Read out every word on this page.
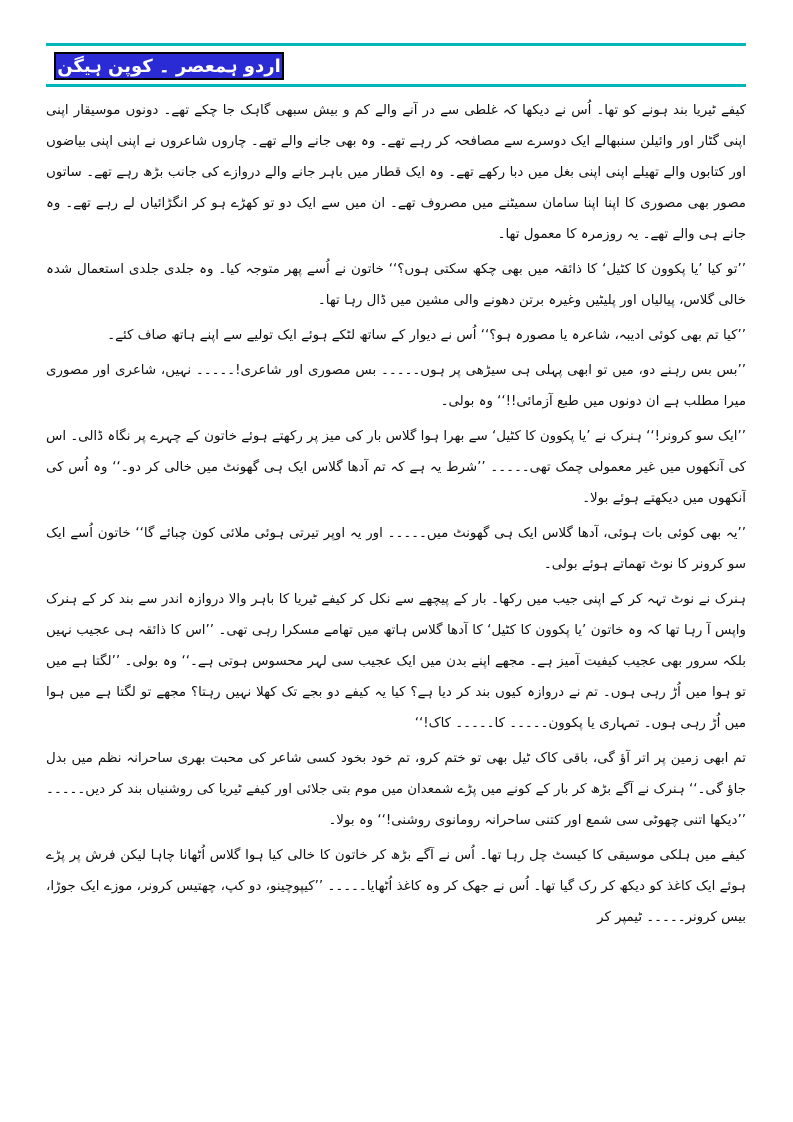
اردو ہمعصر ۔ کوپن ہیگن

کیفے ٹیریا بند ہونے کو تھا۔ اُس نے دیکھا کہ غلطی سے در آنے والے کم و بیش سبھی گاہک جا چکے تھے۔ دونوں موسیقار اپنی اپنی گٹار اور وائیلن سنبھالے ایک دوسرے سے مصافحہ کر رہے تھے۔ وہ بھی جانے والے تھے۔ چاروں شاعروں نے اپنی اپنی بیاضوں اور کتابوں والے تھیلے اپنی اپنی بغل میں دبا رکھے تھے۔ وہ ایک قطار میں باہر جانے والے دروازے کی جانب بڑھ رہے تھے۔ ساتوں مصور بھی مصوری کا اپنا اپنا سامان سمیٹنے میں مصروف تھے۔ ان میں سے ایک دو تو کھڑے ہو کر انگڑائیاں لے رہے تھے۔ وہ جانے ہی والے تھے۔ یہ روزمرہ کا معمول تھا۔

’’تو کیا ’یا پکوون کا کٹیل‘ کا ذائقہ میں بھی چکھ سکتی ہوں؟‘‘ خاتون نے اُسے پھر متوجہ کیا۔ وہ جلدی جلدی استعمال شدہ خالی گلاس، پیالیاں اور پلیٹیں وغیرہ برتن دھونے والی مشین میں ڈال رہا تھا۔

’’کیا تم بھی کوئی ادیبہ، شاعرہ یا مصورہ ہو؟‘‘ اُس نے دیوار کے ساتھ لٹکے ہوئے ایک تولیے سے اپنے ہاتھ صاف کئے۔

’’بس بس رہنے دو، میں تو ابھی پہلی ہی سیڑھی پر ہوں۔۔۔۔۔ بس مصوری اور شاعری!۔۔۔۔۔ نہیں، شاعری اور مصوری میرا مطلب ہے ان دونوں میں طبع آزمائی!!‘‘ وہ بولی۔

’’ایک سو کرونر!‘‘ ہنرک نے ’یا پکوون کا کٹیل‘ سے بھرا ہوا گلاس بار کی میز پر رکھتے ہوئے خاتون کے چہرے پر نگاہ ڈالی۔ اس کی آنکھوں میں غیر معمولی چمک تھی۔۔۔۔۔ ’’شرط یہ ہے کہ تم آدھا گلاس ایک ہی گھونٹ میں خالی کر دو۔‘‘ وہ اُس کی آنکھوں میں دیکھتے ہوئے بولا۔

’’یہ بھی کوئی بات ہوئی، آدھا گلاس ایک ہی گھونٹ میں۔۔۔۔۔ اور یہ اوپر تیرتی ہوئی ملائی کون چبائے گا‘‘ خاتون اُسے ایک سو کرونر کا نوٹ تھماتے ہوئے بولی۔

ہنرک نے نوٹ تہہ کر کے اپنی جیب میں رکھا۔ بار کے پیچھے سے نکل کر کیفے ٹیریا کا باہر والا دروازہ اندر سے بند کر کے ہنرک واپس آ رہا تھا کہ وہ خاتون ’یا پکوون کا کٹیل‘ کا آدھا گلاس ہاتھ میں تھامے مسکرا رہی تھی۔ ’’اس کا ذائقہ ہی عجیب نہیں بلکہ سرور بھی عجیب کیفیت آمیز ہے۔ مجھے اپنے بدن میں ایک عجیب سی لہر محسوس ہوتی ہے۔‘‘ وہ بولی۔ ’’لگتا ہے میں تو ہوا میں اُڑ رہی ہوں۔ تم نے دروازہ کیوں بند کر دیا ہے؟ کیا یہ کیفے دو بجے تک کھلا نہیں رہتا؟ مجھے تو لگتا ہے میں ہوا میں اُڑ رہی ہوں۔ تمہاری یا پکوون۔۔۔۔۔ کا۔۔۔۔۔ کاک!‘‘

تم ابھی زمین پر اتر آؤ گی، باقی کاک ٹیل بھی تو ختم کرو، تم خود بخود کسی شاعر کی محبت بھری ساحرانہ نظم میں بدل جاؤ گی۔‘‘ ہنرک نے آگے بڑھ کر بار کے کونے میں پڑے شمعدان میں موم بتی جلائی اور کیفے ٹیریا کی روشنیاں بند کر دیں۔۔۔۔۔ ’’دیکھا اتنی چھوٹی سی شمع اور کتنی ساحرانہ رومانوی روشنی!‘‘ وہ بولا۔

کیفے میں ہلکی موسیقی کا کیسٹ چل رہا تھا۔ اُس نے آگے بڑھ کر خاتون کا خالی کیا ہوا گلاس اُٹھانا چاہا لیکن فرش پر پڑے ہوئے ایک کاغذ کو دیکھ کر رک گیا تھا۔ اُس نے جھک کر وہ کاغذ اُٹھایا۔۔۔۔۔ ’’کیپوچینو، دو کپ، چھتیس کرونر، موزے ایک جوڑا، بیس کرونر۔۔۔۔۔ ٹیمپر کر
